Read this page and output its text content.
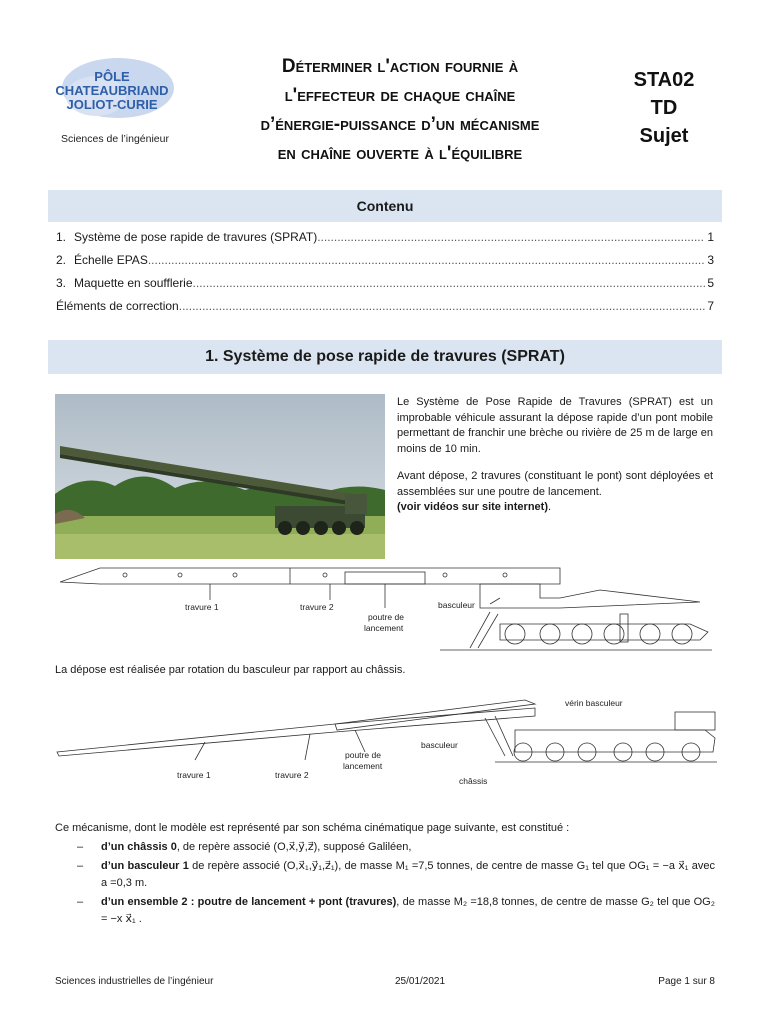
PÔLE
CHATEAUBRIAND
JOLIOT-CURIE
Sciences de l’ingénieur
Déterminer l'action fournie à
l'effecteur de chaque chaîne
d’énergie-puissance d’un mécanisme
en chaîne ouverte à l'équilibre
STA02
TD
Sujet
Contenu
1. Système de pose rapide de travures (SPRAT) .....	1
2. Échelle EPAS .....	3
3. Maquette en soufflerie .....	5
Éléments de correction .....	7
1. Système de pose rapide de travures (SPRAT)

Le Système de Pose Rapide de Travures (SPRAT) est un improbable véhicule assurant la dépose rapide d’un pont mobile permettant de franchir une brèche ou rivière de 25 m de large en moins de 10 min.

Avant dépose, 2 travures (constituant le pont) sont déployées et assemblées sur une poutre de lancement.
(voir vidéos sur site internet).

travure 1	travure 2
poutre de
lancement
basculeur
La dépose est réalisée par rotation du basculeur par rapport au châssis.
vérin basculeur
basculeur
poutre de
lancement
travure 1	travure 2
châssis
Ce mécanisme, dont le modèle est représenté par son schéma cinématique page suivante, est constitué :
–	d’un châssis 0, de repère associé (O,x⃗,y⃗,z⃗), supposé Galiléen,
–	d’un basculeur 1 de repère associé (O,x⃗₁,y⃗₁,z⃗₁), de masse M₁ =7,5 tonnes, de centre de masse G₁ tel que OG₁ = −a x⃗₁ avec a =0,3 m.
–	d’un ensemble 2 : poutre de lancement + pont (travures), de masse M₂ =18,8 tonnes, de centre de masse G₂ tel que OG₂ = −x x⃗₁ .
Sciences industrielles de l’ingénieur	25/01/2021	Page 1 sur 8
